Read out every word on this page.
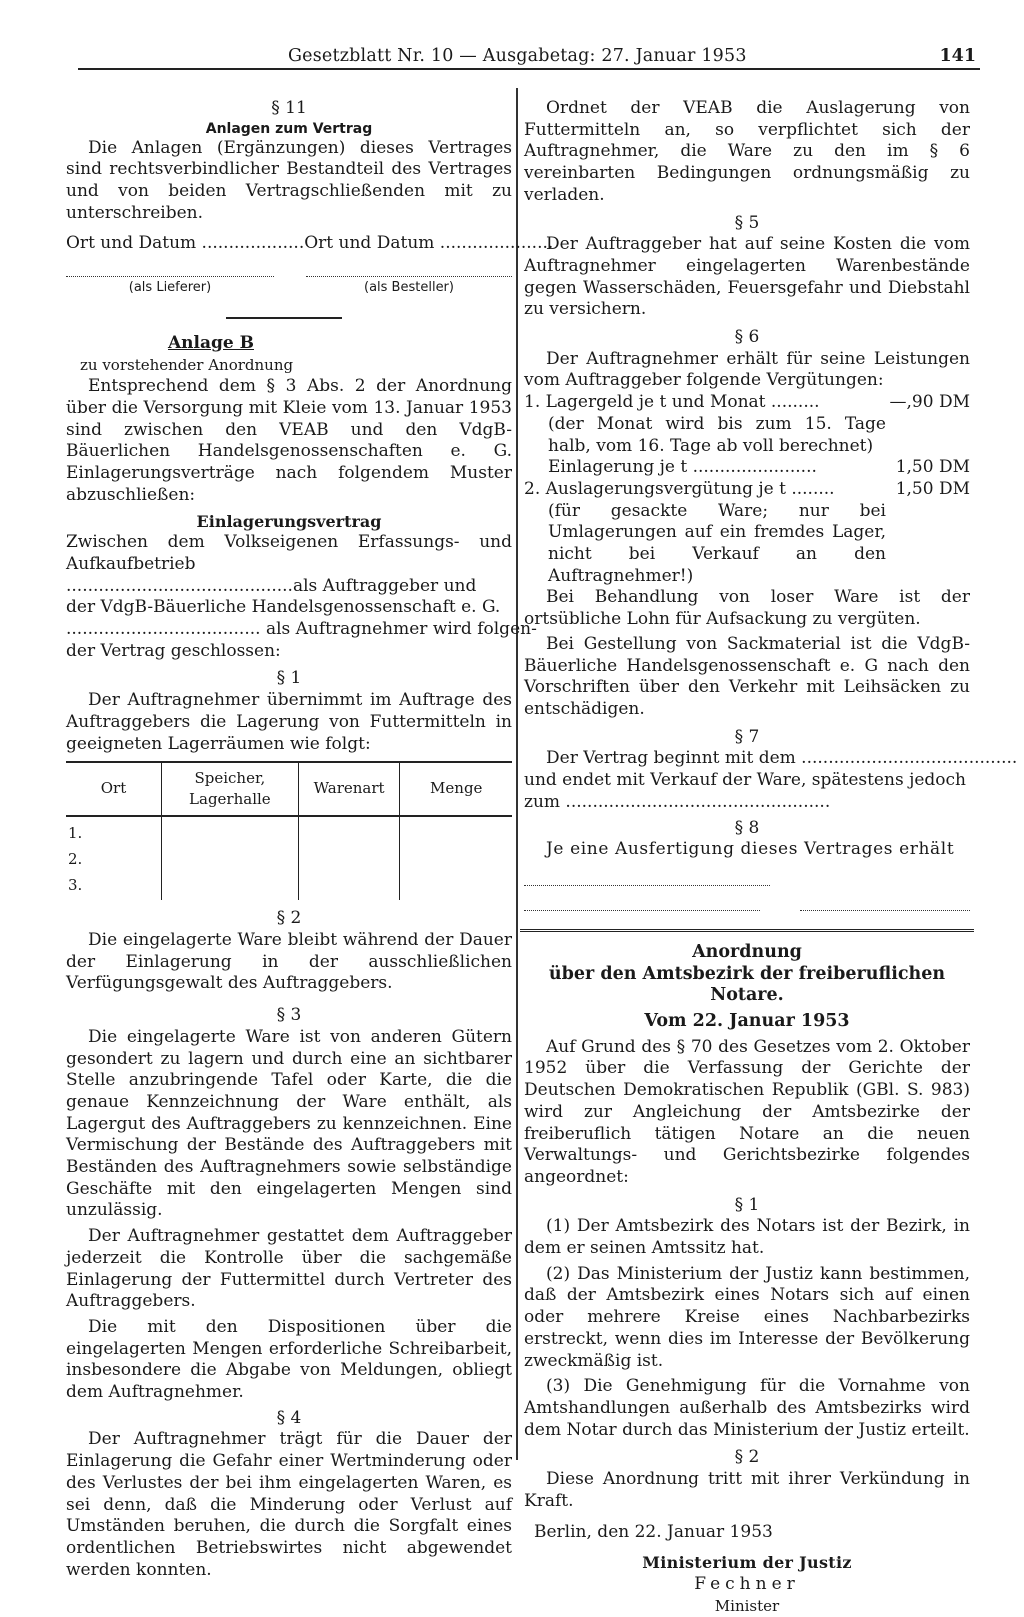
Gesetzblatt Nr. 10 — Ausgabetag: 27. Januar 1953	141
§ 11
Anlagen zum Vertrag

Die Anlagen (Ergänzungen) dieses Vertrages sind rechtsverbindlicher Bestandteil des Vertrages und von beiden Vertragschließenden mit zu unterschreiben.

Ort und Datum ................... Ort und Datum .....................
(als Lieferer)	(als Besteller)
Anlage B
zu vorstehender Anordnung

Entsprechend dem § 3 Abs. 2 der Anordnung über die Versorgung mit Kleie vom 13. Januar 1953 sind zwischen den VEAB und den VdgB-Bäuerlichen Handelsgenossenschaften e. G. Einlagerungsverträge nach folgendem Muster abzuschließen:

Einlagerungsvertrag

Zwischen dem Volkseigenen Erfassungs- und Aufkaufbetrieb

..........................................als Auftraggeber und
der VdgB-Bäuerliche Handelsgenossenschaft e. G.
.................................... als Auftragnehmer wird folgen-
der Vertrag geschlossen:
§ 1

Der Auftragnehmer übernimmt im Auftrage des Auftraggebers die Lagerung von Futtermitteln in geeigneten Lagerräumen wie folgt:

Ort	Speicher, Lagerhalle	Warenart	Menge
1.			
2.			
3.			
§ 2

Die eingelagerte Ware bleibt während der Dauer der Einlagerung in der ausschließlichen Verfügungsgewalt des Auftraggebers.

§ 3

Die eingelagerte Ware ist von anderen Gütern gesondert zu lagern und durch eine an sichtbarer Stelle anzubringende Tafel oder Karte, die die genaue Kennzeichnung der Ware enthält, als Lagergut des Auftraggebers zu kennzeichnen. Eine Vermischung der Bestände des Auftraggebers mit Beständen des Auftragnehmers sowie selbständige Geschäfte mit den eingelagerten Mengen sind unzulässig.

Der Auftragnehmer gestattet dem Auftraggeber jederzeit die Kontrolle über die sachgemäße Einlagerung der Futtermittel durch Vertreter des Auftraggebers.

Die mit den Dispositionen über die eingelagerten Mengen erforderliche Schreibarbeit, insbesondere die Abgabe von Meldungen, obliegt dem Auftragnehmer.

§ 4

Der Auftragnehmer trägt für die Dauer der Einlagerung die Gefahr einer Wertminderung oder des Verlustes der bei ihm eingelagerten Waren, es sei denn, daß die Minderung oder Verlust auf Umständen beruhen, die durch die Sorgfalt eines ordentlichen Betriebswirtes nicht abgewendet werden konnten.

Ordnet der VEAB die Auslagerung von Futtermitteln an, so verpflichtet sich der Auftragnehmer, die Ware zu den im § 6 vereinbarten Bedingungen ordnungsmäßig zu verladen.

§ 5

Der Auftraggeber hat auf seine Kosten die vom Auftragnehmer eingelagerten Warenbestände gegen Wasserschäden, Feuersgefahr und Diebstahl zu versichern.

§ 6

Der Auftragnehmer erhält für seine Leistungen vom Auftraggeber folgende Vergütungen:

1. Lagergeld je t und Monat .........	—,90 DM
(der Monat wird bis zum 15. Tage halb, vom 16. Tage ab voll berechnet)
Einlagerung je t .......................	1,50 DM
2. Auslagerungsvergütung je t ........	1,50 DM
(für gesackte Ware; nur bei Umlagerungen auf ein fremdes Lager, nicht bei Verkauf an den Auftragnehmer!)

Bei Behandlung von loser Ware ist der ortsübliche Lohn für Aufsackung zu vergüten.

Bei Gestellung von Sackmaterial ist die VdgB-Bäuerliche Handelsgenossenschaft e. G nach den Vorschriften über den Verkehr mit Leihsäcken zu entschädigen.

§ 7
Der Vertrag beginnt mit dem ........................................
und endet mit Verkauf der Ware, spätestens jedoch
zum .................................................
§ 8
Je eine Ausfertigung dieses Vertrages erhält
Anordnung
über den Amtsbezirk der freiberuflichen Notare.
Vom 22. Januar 1953

Auf Grund des § 70 des Gesetzes vom 2. Oktober 1952 über die Verfassung der Gerichte der Deutschen Demokratischen Republik (GBl. S. 983) wird zur Angleichung der Amtsbezirke der freiberuflich tätigen Notare an die neuen Verwaltungs- und Gerichtsbezirke folgendes angeordnet:

§ 1

(1) Der Amtsbezirk des Notars ist der Bezirk, in dem er seinen Amtssitz hat.

(2) Das Ministerium der Justiz kann bestimmen, daß der Amtsbezirk eines Notars sich auf einen oder mehrere Kreise eines Nachbarbezirks erstreckt, wenn dies im Interesse der Bevölkerung zweckmäßig ist.

(3) Die Genehmigung für die Vornahme von Amtshandlungen außerhalb des Amtsbezirks wird dem Notar durch das Ministerium der Justiz erteilt.

§ 2

Diese Anordnung tritt mit ihrer Verkündung in Kraft.

Berlin, den 22. Januar 1953
Ministerium der Justiz
Fechner
Minister
